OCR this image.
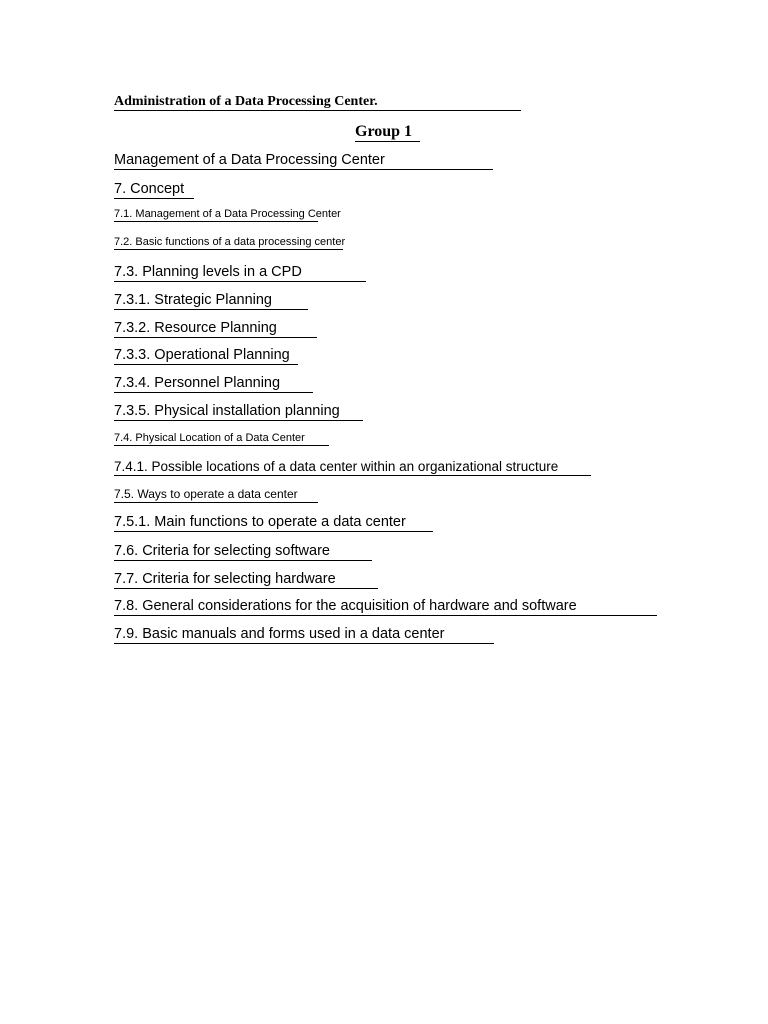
Administration of a Data Processing Center.
Group 1
Management of a Data Processing Center
7. Concept
7.1. Management of a Data Processing Center
7.2. Basic functions of a data processing center
7.3. Planning levels in a CPD
7.3.1. Strategic Planning
7.3.2. Resource Planning
7.3.3. Operational Planning
7.3.4. Personnel Planning
7.3.5. Physical installation planning
7.4. Physical Location of a Data Center
7.4.1. Possible locations of a data center within an organizational structure
7.5. Ways to operate a data center
7.5.1. Main functions to operate a data center
7.6. Criteria for selecting software
7.7. Criteria for selecting hardware
7.8. General considerations for the acquisition of hardware and software
7.9. Basic manuals and forms used in a data center
